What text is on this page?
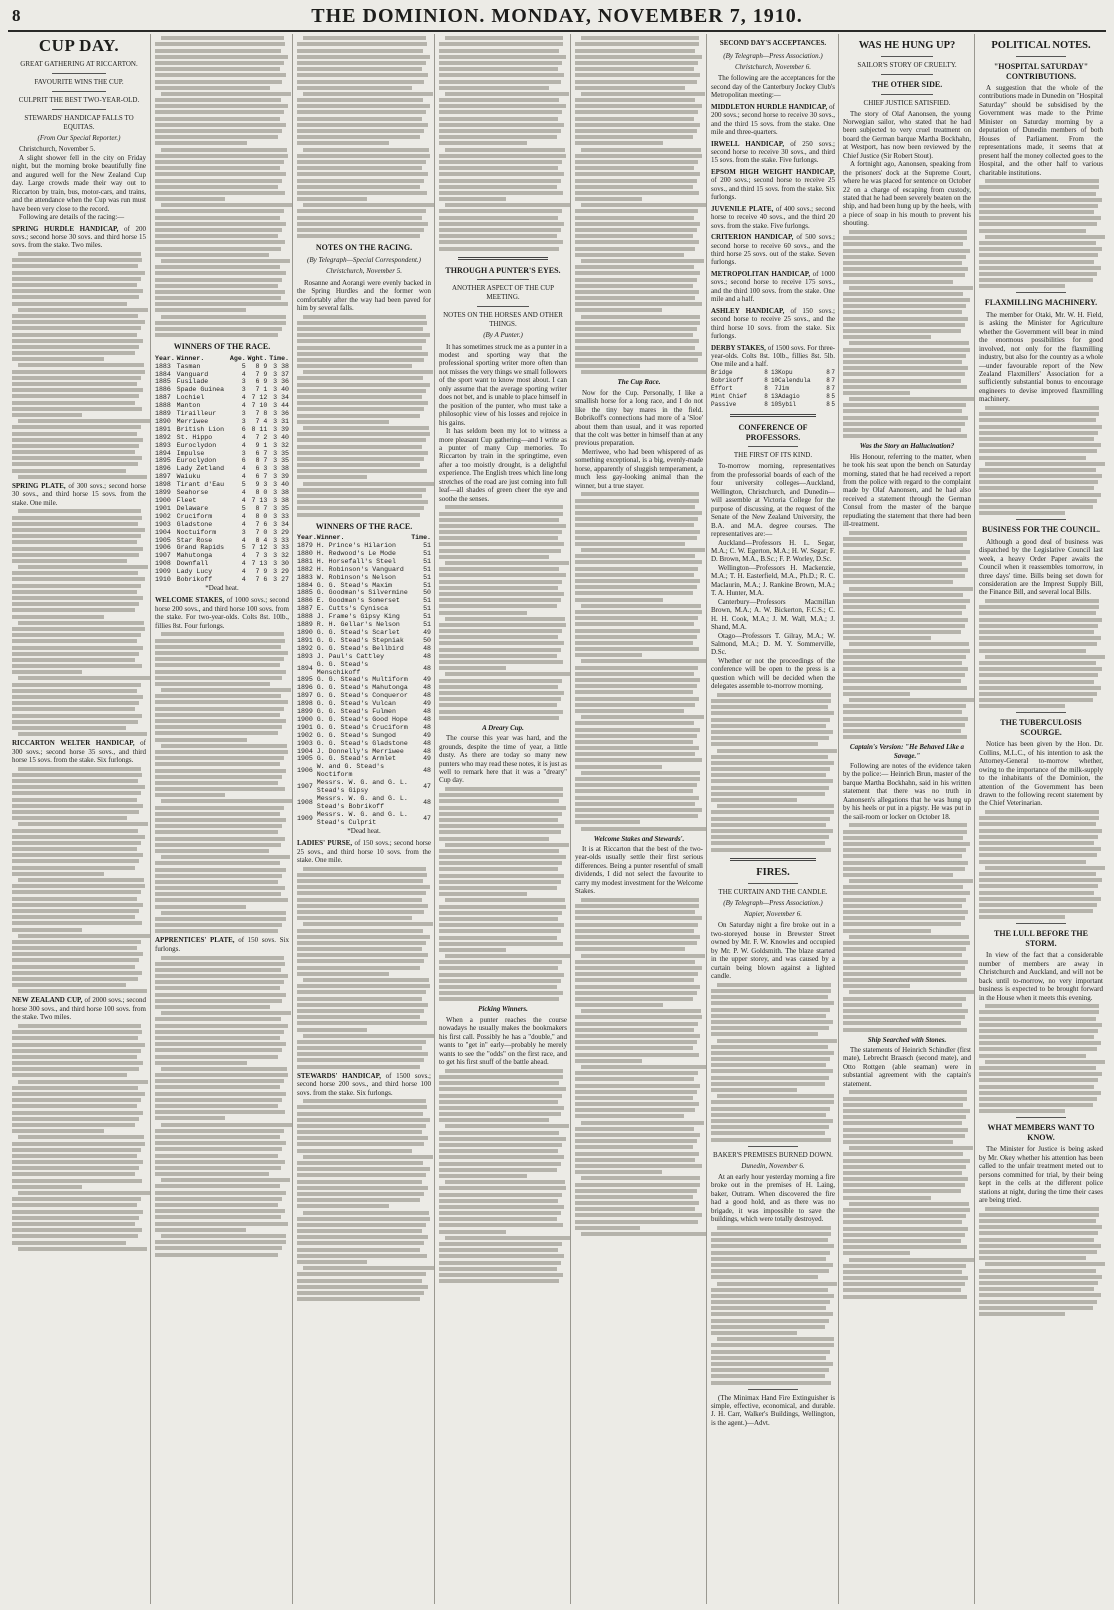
8	THE DOMINION. MONDAY, NOVEMBER 7, 1910.
CUP DAY.
GREAT GATHERING AT RICCARTON.
FAVOURITE WINS THE CUP.
CULPRIT THE BEST TWO-YEAR-OLD.
STEWARDS' HANDICAP FALLS TO EQUITAS.
(From Our Special Reporter.)

Christchurch, November 5.

A slight shower fell in the city on Friday night, but the morning broke beautifully fine and augured well for the New Zealand Cup day. Large crowds made their way out to Riccarton by train, bus, motor-cars, and trains, and the attendance when the Cup was run must have been very close to the record.

Following are details of the racing:—

SPRING HURDLE HANDICAP, of 200 sovs.; second horse 30 sovs. and third horse 15 sovs. from the stake. Two miles.

SPRING PLATE, of 300 sovs.; second horse 30 sovs., and third horse 15 sovs. from the stake. One mile.

RICCARTON WELTER HANDICAP, of 300 sovs.; second horse 35 sovs., and third horse 15 sovs. from the stake. Six furlongs.

NEW ZEALAND CUP, of 2000 sovs.; second horse 300 sovs., and third horse 100 sovs. from the stake. Two miles.

WINNERS OF THE RACE.
Year.	Winner.	Age.	Wght.	Time.
1883	Tasman	5	8 9	3 38
1884	Vanguard	4	7 9	3 37
1885	Fusilade	3	6 9	3 36
1886	Spade Guinea	3	7 1	3 40
1887	Lochiel	4	7 12	3 34
1888	Manton	4	7 10	3 44
1889	Tirailleur	3	7 8	3 36
1890	Merriwee	3	7 4	3 31
1891	British Lion	6	8 11	3 39
1892	St. Hippo	4	7 2	3 40
1893	Euroclydon	4	9 1	3 32
1894	Impulse	3	6 7	3 35
1895	Euroclydon	6	8 7	3 35
1896	Lady Zetland	4	6 3	3 38
1897	Waiuku	4	6 7	3 39
1898	Tirant d'Eau	5	9 3	3 40
1899	Seahorse	4	8 0	3 38
1900	Fleet	4	7 13	3 38
1901	Delaware	5	8 7	3 35
1902	Cruciform	4	8 0	3 33
1903	Gladstone	4	7 6	3 34
1904	Noctuiform	3	7 0	3 29
1905	Star Rose	4	8 4	3 33
1906	Grand Rapids	5	7 12	3 33
1907	Mahutonga	4	7 3	3 32
1908	Downfall	4	7 13	3 30
1909	Lady Lucy	4	7 9	3 29
1910	Bobrikoff	4	7 6	3 27
*Dead heat.

WELCOME STAKES, of 1000 sovs.; second horse 200 sovs., and third horse 100 sovs. from the stake. For two-year-olds. Colts 8st. 10lb., fillies 8st. Four furlongs.

APPRENTICES' PLATE, of 150 sovs. Six furlongs.

NOTES ON THE RACING.
(By Telegraph—Special Correspondent.)
Christchurch, November 5.

Rosanne and Aorangi were evenly backed in the Spring Hurdles and the former won comfortably after the way had been paved for him by several falls.

WINNERS OF THE RACE.
Year.	Winner.	Time.
1879	H. Prince's Hilarion	51
1880	H. Redwood's Le Mode	51
1881	H. Horsefall's Steel	51
1882	H. Robinson's Vanguard	51
1883	W. Robinson's Nelson	51
1884	G. G. Stead's Maxim	51
1885	G. Goodman's Silvermine	50
1886	E. Goodman's Somerset	51
1887	E. Cutts's Cynisca	51
1888	J. Frame's Gipsy King	51
1889	R. H. Gellar's Nelson	51
1890	G. G. Stead's Scarlet	49
1891	G. G. Stead's Stepniak	50
1892	G. G. Stead's Bellbird	48
1893	J. Paul's Cattley	48
1894	G. G. Stead's Menschikoff	48
1895	G. G. Stead's Multiform	49
1896	G. G. Stead's Mahutonga	48
1897	G. G. Stead's Conqueror	48
1898	G. G. Stead's Vulcan	49
1899	G. G. Stead's Fulmen	48
1900	G. G. Stead's Good Hope	48
1901	G. G. Stead's Cruciform	48
1902	G. G. Stead's Sungod	49
1903	G. G. Stead's Gladstone	48
1904	J. Donnelly's Merriwee	48
1905	G. G. Stead's Armlet	49
1906	W. and G. Stead's Noctiform	48
1907	Messrs. W. G. and G. L. Stead's Gipsy	47
1908	Messrs. W. G. and G. L. Stead's Bobrikoff	48
1909	Messrs. W. G. and G. L. Stead's Culprit	47
*Dead heat.

LADIES' PURSE, of 150 sovs.; second horse 25 sovs., and third horse 10 sovs. from the stake. One mile.

STEWARDS' HANDICAP, of 1500 sovs.; second horse 200 sovs., and third horse 100 sovs. from the stake. Six furlongs.

THROUGH A PUNTER'S EYES.
ANOTHER ASPECT OF THE CUP MEETING.
NOTES ON THE HORSES AND OTHER THINGS.
(By A Punter.)

It has sometimes struck me as a punter in a modest and sporting way that the professional sporting writer more often than not misses the very things we small followers of the sport want to know most about. I can only assume that the average sporting writer does not bet, and is unable to place himself in the position of the punter, who must take a philosophic view of his losses and rejoice in his gains.

It has seldom been my lot to witness a more pleasant Cup gathering—and I write as a punter of many Cup memories. To Riccarton by train in the springtime, even after a too moistly drought, is a delightful experience. The English trees which line long stretches of the road are just coming into full leaf—all shades of green cheer the eye and soothe the senses.

A Dreary Cup.

The course this year was hard, and the grounds, despite the time of year, a little dusty. As there are today so many new punters who may read these notes, it is just as well to remark here that it was a "dreary" Cup day.

Picking Winners.

When a punter reaches the course nowadays he usually makes the bookmakers his first call. Possibly he has a "double," and wants to "get in" early—probably he merely wants to see the "odds" on the first race, and to get his first snuff of the battle ahead.

The Cup Race.

Now for the Cup. Personally, I like a smallish horse for a long race, and I do not like the tiny bay mares in the field. Bobrikoff's connections had more of a 'Sloe' about them than usual, and it was reported that the colt was better in himself than at any previous preparation.

Merriwee, who had been whispered of as something exceptional, is a big, evenly-made horse, apparently of sluggish temperament, a much less gay-looking animal than the winner, but a true stayer.

Welcome Stakes and Stewards'.

It is at Riccarton that the best of the two-year-olds usually settle their first serious differences. Being a punter resentful of small dividends, I did not select the favourite to carry my modest investment for the Welcome Stakes.

SECOND DAY'S ACCEPTANCES.
(By Telegraph—Press Association.)
Christchurch, November 6.

The following are the acceptances for the second day of the Canterbury Jockey Club's Metropolitan meeting:—

MIDDLETON HURDLE HANDICAP, of 200 sovs.; second horse to receive 30 sovs., and the third 15 sovs. from the stake. One mile and three-quarters.

IRWELL HANDICAP, of 250 sovs.; second horse to receive 30 sovs., and third 15 sovs. from the stake. Five furlongs.

EPSOM HIGH WEIGHT HANDICAP, of 200 sovs.; second horse to receive 25 sovs., and third 15 sovs. from the stake. Six furlongs.

JUVENILE PLATE, of 400 sovs.; second horse to receive 40 sovs., and the third 20 sovs. from the stake. Five furlongs.

CRITERION HANDICAP, of 500 sovs.; second horse to receive 60 sovs., and the third horse 25 sovs. out of the stake. Seven furlongs.

METROPOLITAN HANDICAP, of 1000 sovs.; second horse to receive 175 sovs., and the third 100 sovs. from the stake. One mile and a half.

ASHLEY HANDICAP, of 150 sovs.; second horse to receive 25 sovs., and the third horse 10 sovs. from the stake. Six furlongs.

DERBY STAKES, of 1500 sovs. For three-year-olds. Colts 8st. 10lb., fillies 8st. 5lb. One mile and a half.

Bridge	8	13	Kopu	8	7
Bobrikoff	8	10	Calendula	8	7
Effort	8	7	Jim	8	7
Mint Chief	8	13	Adagio	8	5
Passive	8	10	Sybil	8	5
CONFERENCE OF PROFESSORS.
THE FIRST OF ITS KIND.

To-morrow morning, representatives from the professorial boards of each of the four university colleges—Auckland, Wellington, Christchurch, and Dunedin—will assemble at Victoria College for the purpose of discussing, at the request of the Senate of the New Zealand University, the B.A. and M.A. degree courses. The representatives are:—

Auckland—Professors H. L. Segar, M.A.; C. W. Egerton, M.A.; H. W. Segar; F. D. Brown, M.A., B.Sc.; F. P. Worley, D.Sc.

Wellington—Professors H. Mackenzie, M.A.; T. H. Easterfield, M.A., Ph.D.; R. C. Maclaurin, M.A.; J. Rankine Brown, M.A.; T. A. Hunter, M.A.

Canterbury—Professors Macmillan Brown, M.A.; A. W. Bickerton, F.C.S.; C. H. H. Cook, M.A.; J. M. Wall, M.A.; J. Shand, M.A.

Otago—Professors T. Gilray, M.A.; W. Salmond, M.A.; D. M. Y. Sommerville, D.Sc.

Whether or not the proceedings of the conference will be open to the press is a question which will be decided when the delegates assemble to-morrow morning.

FIRES.
THE CURTAIN AND THE CANDLE.
(By Telegraph—Press Association.)
Napier, November 6.

On Saturday night a fire broke out in a two-storeyed house in Brewster Street owned by Mr. F. W. Knowles and occupied by Mr. P. W. Goldsmith. The blaze started in the upper storey, and was caused by a curtain being blown against a lighted candle.

BAKER'S PREMISES BURNED DOWN.
Dunedin, November 6.

At an early hour yesterday morning a fire broke out in the premises of H. Laing, baker, Outram. When discovered the fire had a good hold, and as there was no brigade, it was impossible to save the buildings, which were totally destroyed.

(The Minimax Hand Fire Extinguisher is simple, effective, economical, and durable. J. H. Carr, Walker's Buildings, Wellington, is the agent.)—Advt.

WAS HE HUNG UP?
SAILOR'S STORY OF CRUELTY.
THE OTHER SIDE.
CHIEF JUSTICE SATISFIED.

The story of Olaf Aanonsen, the young Norwegian sailor, who stated that he had been subjected to very cruel treatment on board the German barque Martha Bockhahn, at Westport, has now been reviewed by the Chief Justice (Sir Robert Stout).

A fortnight ago, Aanonsen, speaking from the prisoners' dock at the Supreme Court, where he was placed for sentence on October 22 on a charge of escaping from custody, stated that he had been severely beaten on the ship, and had been hung up by the heels, with a piece of soap in his mouth to prevent his shouting.

Was the Story an Hallucination?

His Honour, referring to the matter, when he took his seat upon the bench on Saturday morning, stated that he had received a report from the police with regard to the complaint made by Olaf Aanonsen, and he had also received a statement through the German Consul from the master of the barque repudiating the statement that there had been ill-treatment.

Captain's Version: "He Behaved Like a Savage."

Following are notes of the evidence taken by the police:— Heinrich Brun, master of the barque Martha Bockhahn, said in his written statement that there was no truth in Aanonsen's allegations that he was hung up by his heels or put in a pigsty. He was put in the sail-room or locker on October 18.

Ship Searched with Stones.

The statements of Heinrich Schindler (first mate), Lebrecht Braasch (second mate), and Otto Rottgen (able seaman) were in substantial agreement with the captain's statement.

POLITICAL NOTES.
"HOSPITAL SATURDAY" CONTRIBUTIONS.

A suggestion that the whole of the contributions made in Dunedin on "Hospital Saturday" should be subsidised by the Government was made to the Prime Minister on Saturday morning by a deputation of Dunedin members of both Houses of Parliament. From the representations made, it seems that at present half the money collected goes to the Hospital, and the other half to various charitable institutions.

FLAXMILLING MACHINERY.

The member for Otaki, Mr. W. H. Field, is asking the Minister for Agriculture whether the Government will bear in mind the enormous possibilities for good involved, not only for the flaxmilling industry, but also for the country as a whole—under favourable report of the New Zealand Flaxmillers' Association for a sufficiently substantial bonus to encourage engineers to devise improved flaxmilling machinery.

BUSINESS FOR THE COUNCIL.

Although a good deal of business was dispatched by the Legislative Council last week, a heavy Order Paper awaits the Council when it reassembles tomorrow, in three days' time. Bills being set down for consideration are the Imprest Supply Bill, the Finance Bill, and several local Bills.

THE TUBERCULOSIS SCOURGE.

Notice has been given by the Hon. Dr. Collins, M.L.C., of his intention to ask the Attorney-General to-morrow whether, owing to the importance of the milk-supply to the inhabitants of the Dominion, the attention of the Government has been drawn to the following recent statement by the Chief Veterinarian.

THE LULL BEFORE THE STORM.

In view of the fact that a considerable number of members are away in Christchurch and Auckland, and will not be back until to-morrow, no very important business is expected to be brought forward in the House when it meets this evening.

WHAT MEMBERS WANT TO KNOW.

The Minister for Justice is being asked by Mr. Okey whether his attention has been called to the unfair treatment meted out to persons committed for trial, by their being kept in the cells at the different police stations at night, during the time their cases are being tried.
